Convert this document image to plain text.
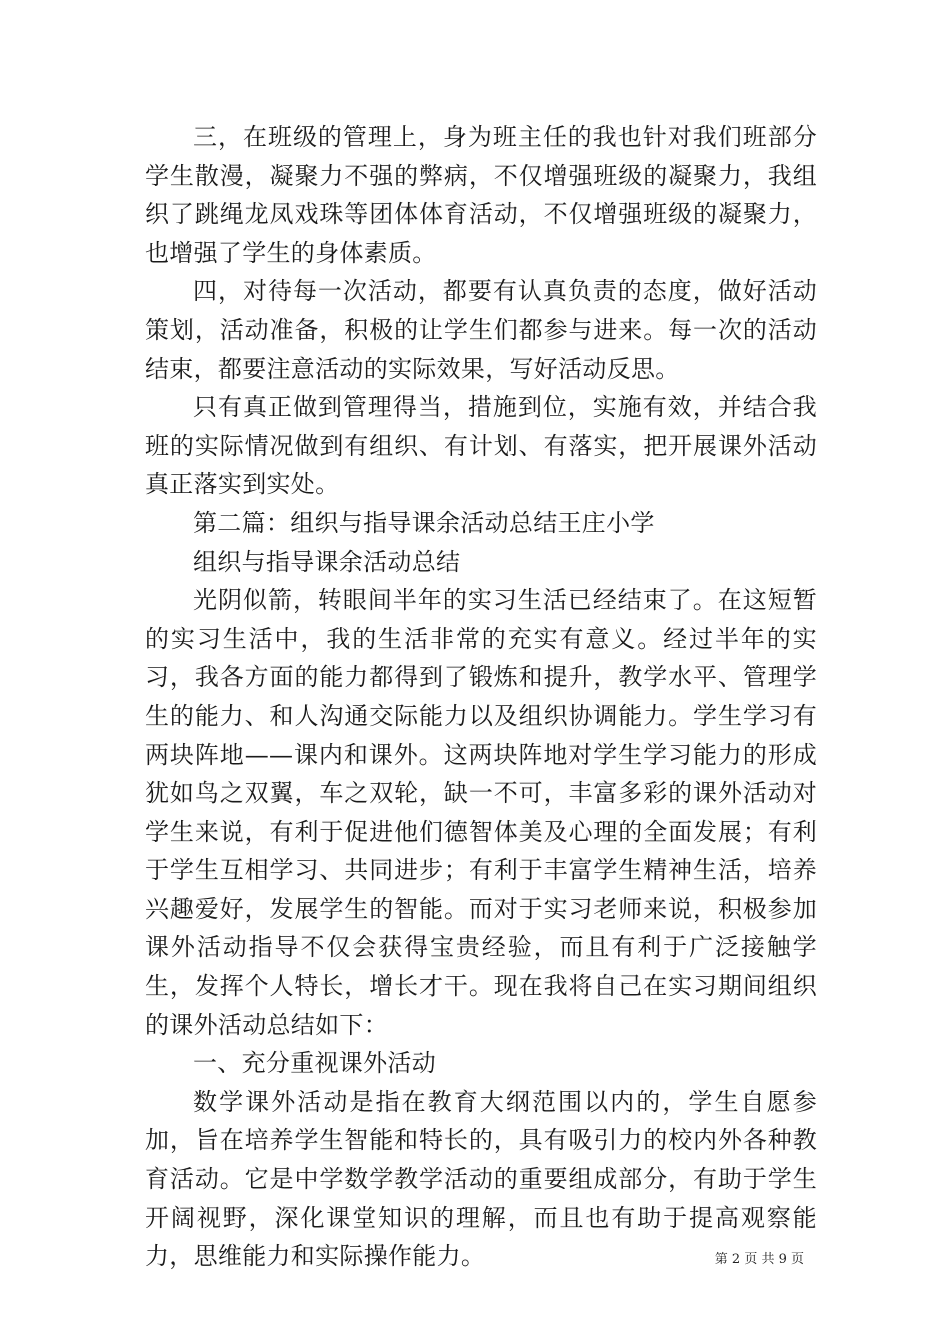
三，在班级的管理上，身为班主任的我也针对我们班部分学生散漫，凝聚力不强的弊病，不仅增强班级的凝聚力，我组织了跳绳龙凤戏珠等团体体育活动，不仅增强班级的凝聚力，也增强了学生的身体素质。

四，对待每一次活动，都要有认真负责的态度，做好活动策划，活动准备，积极的让学生们都参与进来。每一次的活动结束，都要注意活动的实际效果，写好活动反思。

只有真正做到管理得当，措施到位，实施有效，并结合我班的实际情况做到有组织、有计划、有落实，把开展课外活动真正落实到实处。

第二篇：组织与指导课余活动总结王庄小学

组织与指导课余活动总结

光阴似箭，转眼间半年的实习生活已经结束了。在这短暂的实习生活中，我的生活非常的充实有意义。经过半年的实习，我各方面的能力都得到了锻炼和提升，教学水平、管理学生的能力、和人沟通交际能力以及组织协调能力。学生学习有两块阵地——课内和课外。这两块阵地对学生学习能力的形成犹如鸟之双翼，车之双轮，缺一不可，丰富多彩的课外活动对学生来说，有利于促进他们德智体美及心理的全面发展；有利于学生互相学习、共同进步；有利于丰富学生精神生活，培养兴趣爱好，发展学生的智能。而对于实习老师来说，积极参加课外活动指导不仅会获得宝贵经验，而且有利于广泛接触学生，发挥个人特长，增长才干。现在我将自己在实习期间组织的课外活动总结如下：

一、充分重视课外活动

数学课外活动是指在教育大纲范围以内的，学生自愿参加，旨在培养学生智能和特长的，具有吸引力的校内外各种教育活动。它是中学数学教学活动的重要组成部分，有助于学生开阔视野，深化课堂知识的理解，而且也有助于提高观察能力，思维能力和实际操作能力。	第 2 页 共 9 页
